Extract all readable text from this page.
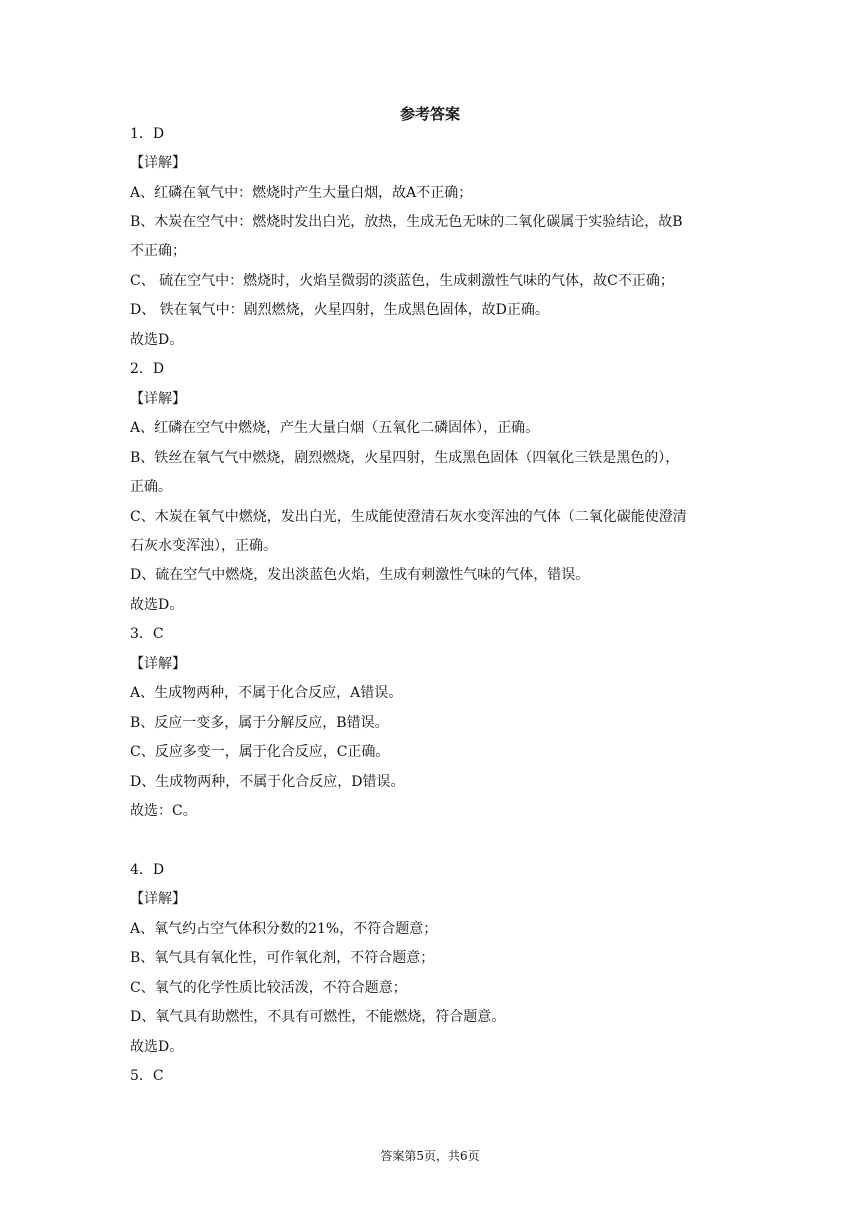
参考答案
1．D
【详解】
A、红磷在氧气中：燃烧时产生大量白烟，故A不正确；
B、木炭在空气中：燃烧时发出白光，放热，生成无色无味的二氧化碳属于实验结论，故B
不正确；
C、 硫在空气中：燃烧时，火焰呈微弱的淡蓝色，生成刺激性气味的气体，故C不正确；
D、 铁在氧气中：剧烈燃烧，火星四射，生成黑色固体，故D正确。
故选D。
2．D
【详解】
A、红磷在空气中燃烧，产生大量白烟（五氧化二磷固体），正确。
B、铁丝在氧气气中燃烧，剧烈燃烧，火星四射，生成黑色固体（四氧化三铁是黑色的），
正确。
C、木炭在氧气中燃烧，发出白光，生成能使澄清石灰水变浑浊的气体（二氧化碳能使澄清
石灰水变浑浊），正确。
D、硫在空气中燃烧，发出淡蓝色火焰，生成有刺激性气味的气体，错误。
故选D。
3．C
【详解】
A、生成物两种，不属于化合反应，A错误。
B、反应一变多，属于分解反应，B错误。
C、反应多变一，属于化合反应，C正确。
D、生成物两种，不属于化合反应，D错误。
故选：C。
4．D
【详解】
A、氧气约占空气体积分数的21%，不符合题意；
B、氧气具有氧化性，可作氧化剂，不符合题意；
C、氧气的化学性质比较活泼，不符合题意；
D、氧气具有助燃性，不具有可燃性，不能燃烧，符合题意。
故选D。
5．C
答案第5页，共6页
